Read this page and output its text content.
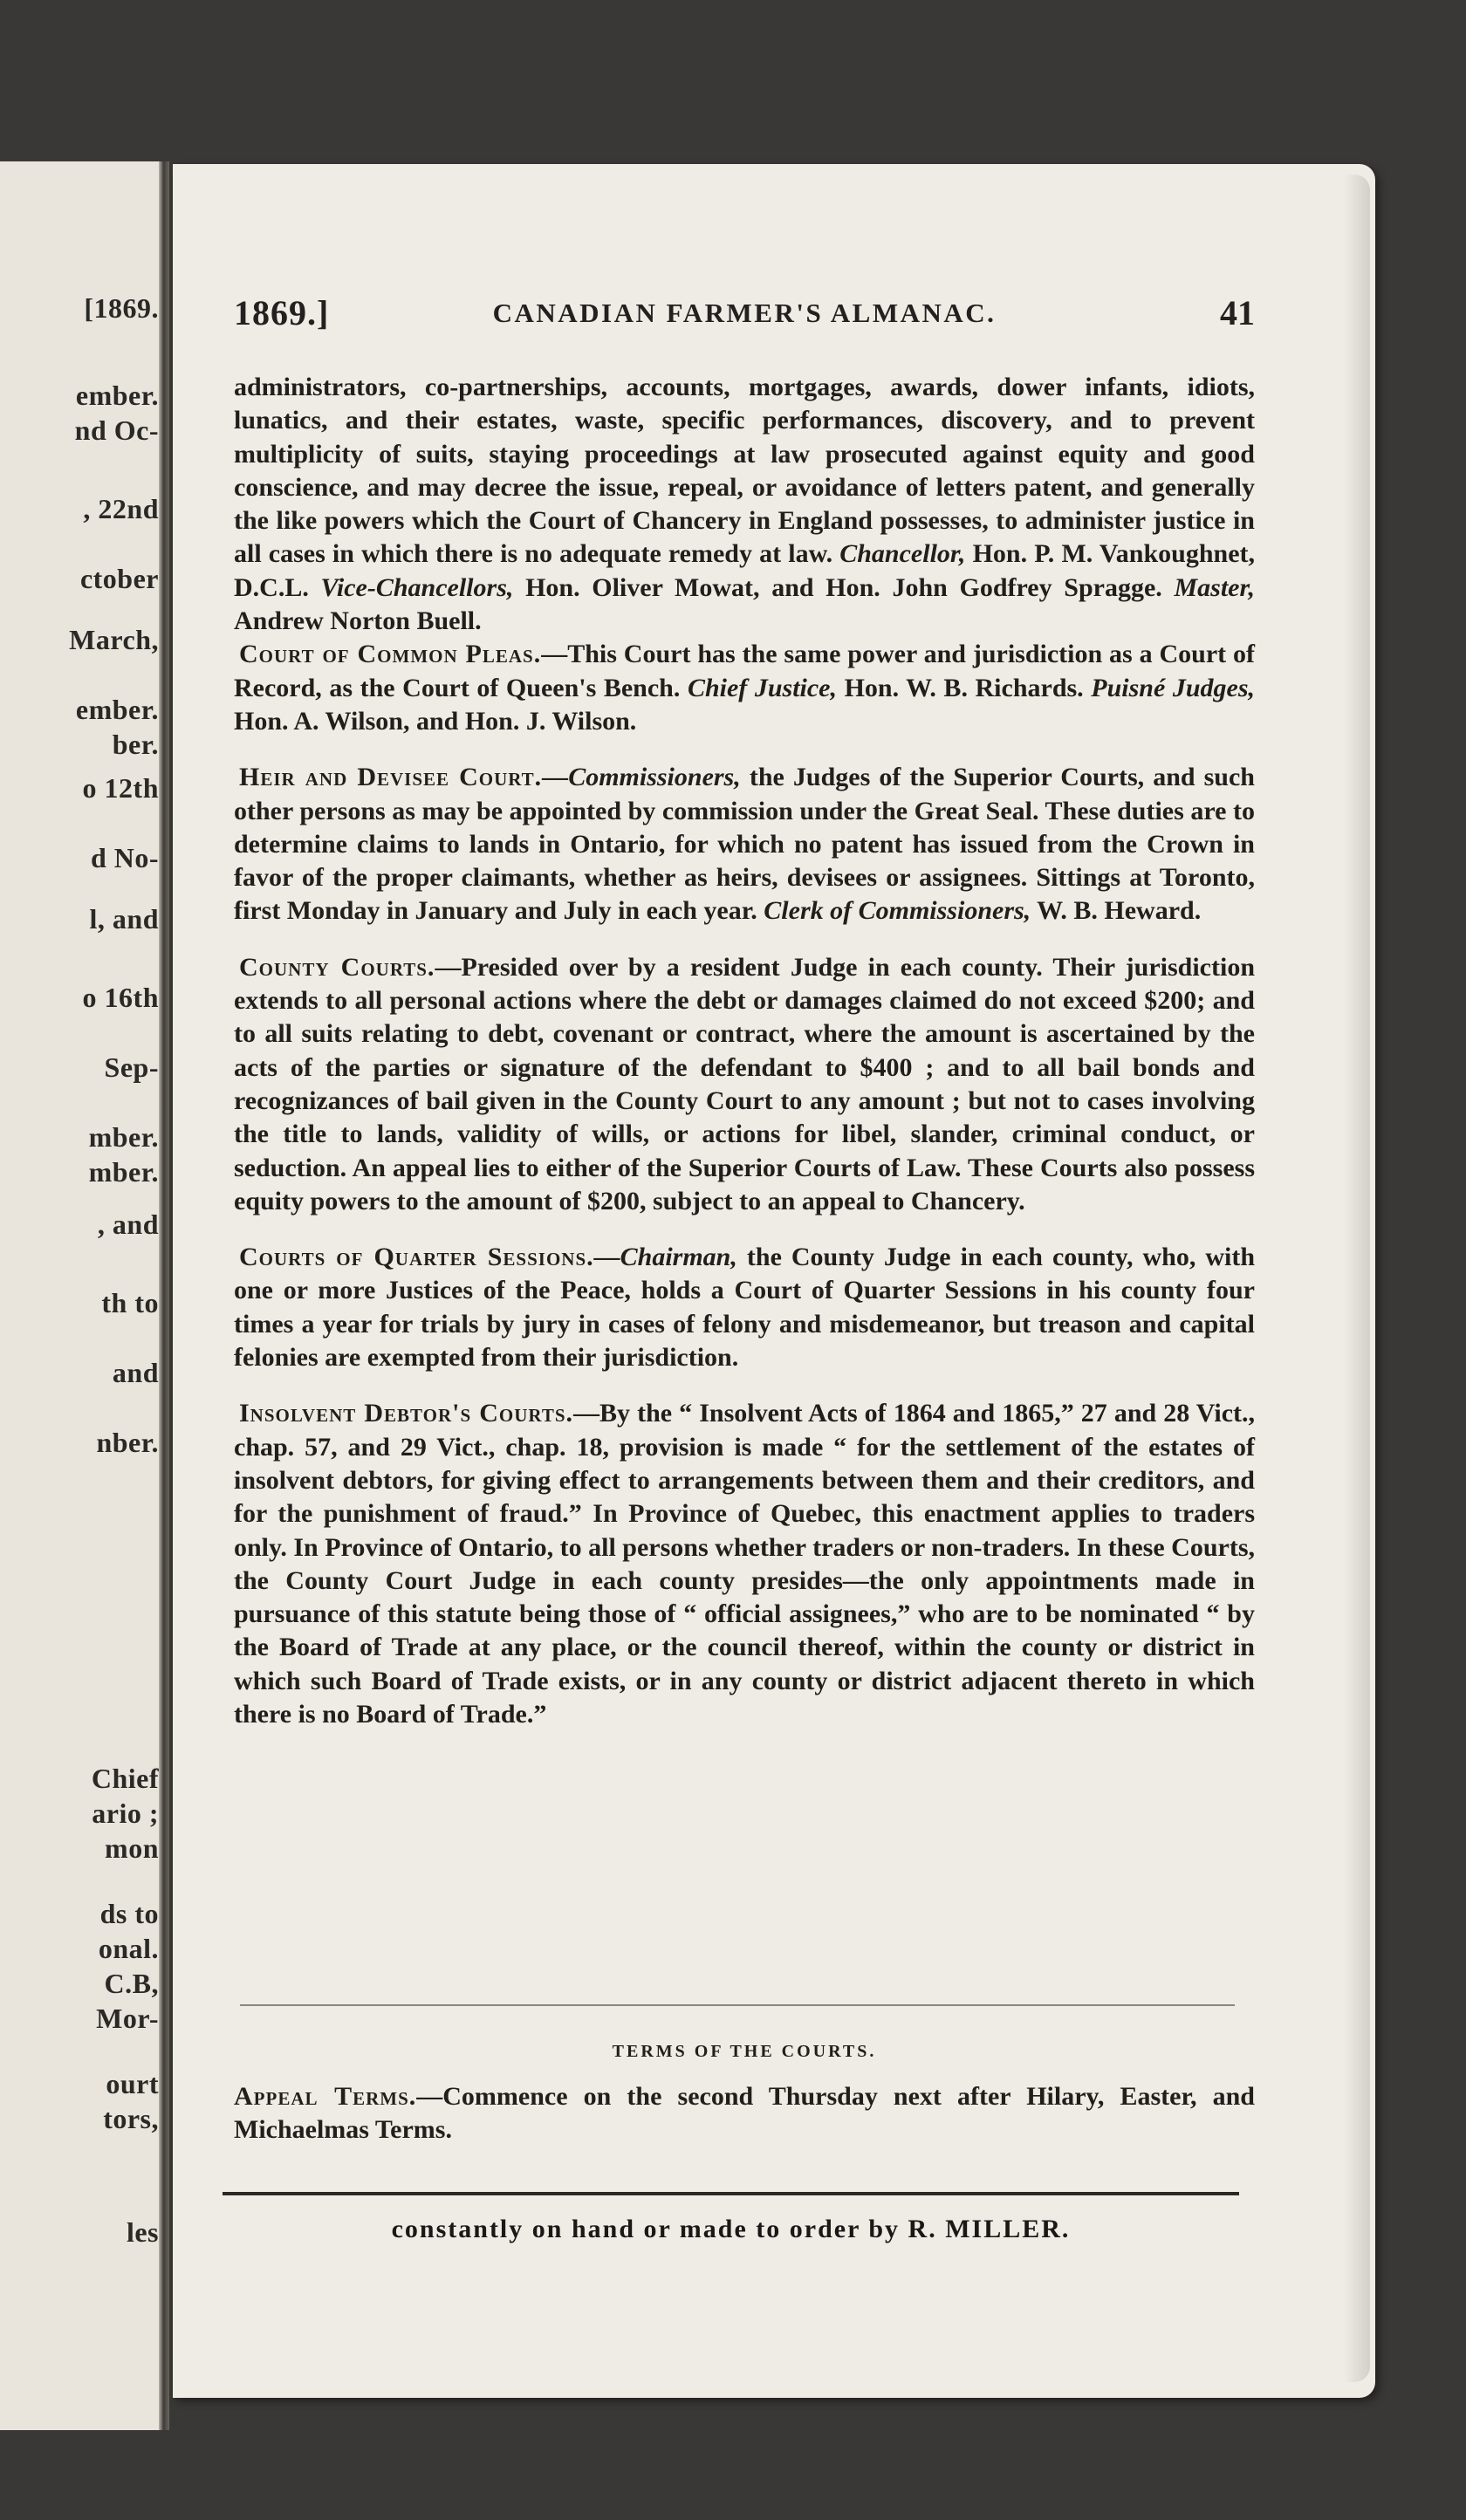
[1869.
ember.
nd Oc-
, 22nd
ctober
March,
ember.
ber.
o 12th
d No-
l, and
o 16th
Sep-
mber.
mber.
, and
th to
and
nber.
Chief
ario ;
mon
ds to
onal.
C.B,
Mor-
ourt
tors,
les
1869.]	CANADIAN FARMER'S ALMANAC.	41

administrators, co-partnerships, accounts, mortgages, awards, dower infants, idiots, lunatics, and their estates, waste, specific performances, discovery, and to prevent multiplicity of suits, staying proceedings at law prosecuted against equity and good conscience, and may decree the issue, repeal, or avoidance of letters patent, and generally the like powers which the Court of Chancery in England possesses, to administer justice in all cases in which there is no adequate remedy at law. Chancellor, Hon. P. M. Vankoughnet, D.C.L. Vice-Chancellors, Hon. Oliver Mowat, and Hon. John Godfrey Spragge. Master, Andrew Norton Buell.

Court of Common Pleas.—This Court has the same power and jurisdiction as a Court of Record, as the Court of Queen's Bench. Chief Justice, Hon. W. B. Richards. Puisné Judges, Hon. A. Wilson, and Hon. J. Wilson.

Heir and Devisee Court.—Commissioners, the Judges of the Superior Courts, and such other persons as may be appointed by commission under the Great Seal. These duties are to determine claims to lands in Ontario, for which no patent has issued from the Crown in favor of the proper claimants, whether as heirs, devisees or assignees. Sittings at Toronto, first Monday in January and July in each year. Clerk of Commissioners, W. B. Heward.

County Courts.—Presided over by a resident Judge in each county. Their jurisdiction extends to all personal actions where the debt or damages claimed do not exceed $200; and to all suits relating to debt, covenant or contract, where the amount is ascertained by the acts of the parties or signature of the defendant to $400 ; and to all bail bonds and recognizances of bail given in the County Court to any amount ; but not to cases involving the title to lands, validity of wills, or actions for libel, slander, criminal conduct, or seduction. An appeal lies to either of the Superior Courts of Law. These Courts also possess equity powers to the amount of $200, subject to an appeal to Chancery.

Courts of Quarter Sessions.—Chairman, the County Judge in each county, who, with one or more Justices of the Peace, holds a Court of Quarter Sessions in his county four times a year for trials by jury in cases of felony and misdemeanor, but treason and capital felonies are exempted from their jurisdiction.

Insolvent Debtor's Courts.—By the “ Insolvent Acts of 1864 and 1865,” 27 and 28 Vict., chap. 57, and 29 Vict., chap. 18, provision is made “ for the settlement of the estates of insolvent debtors, for giving effect to arrangements between them and their creditors, and for the punishment of fraud.” In Province of Quebec, this enactment applies to traders only. In Province of Ontario, to all persons whether traders or non-traders. In these Courts, the County Court Judge in each county presides—the only appointments made in pursuance of this statute being those of “ official assignees,” who are to be nominated “ by the Board of Trade at any place, or the council thereof, within the county or district in which such Board of Trade exists, or in any county or district adjacent thereto in which there is no Board of Trade.”

TERMS OF THE COURTS.
Appeal Terms.—Commence on the second Thursday next after Hilary, Easter, and Michaelmas Terms.
constantly on hand or made to order by R. MILLER.
